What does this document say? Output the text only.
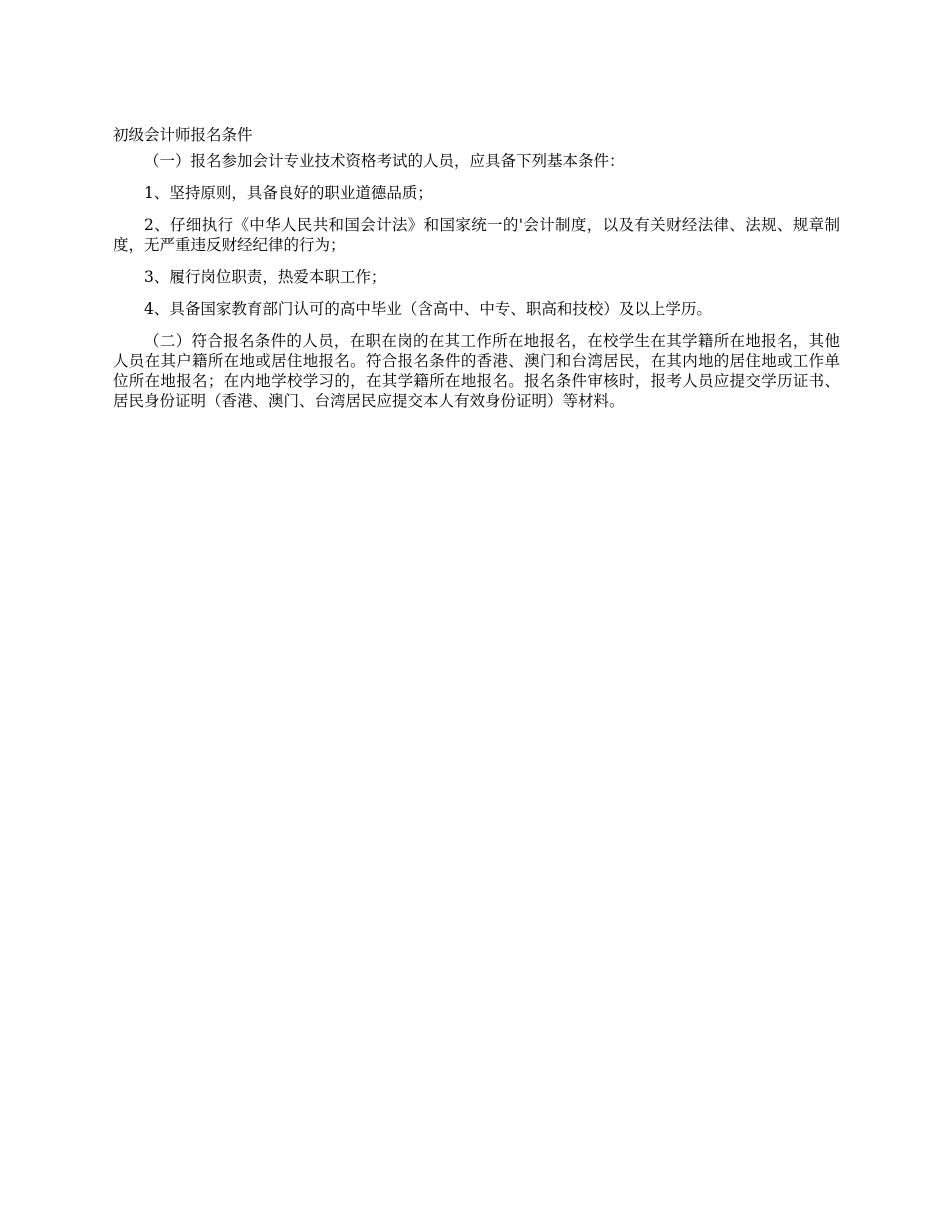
初级会计师报名条件

（一）报名参加会计专业技术资格考试的人员，应具备下列基本条件：

1、坚持原则，具备良好的职业道德品质；

2、仔细执行《中华人民共和国会计法》和国家统一的'会计制度，以及有关财经法律、法规、规章制度，无严重违反财经纪律的行为；

3、履行岗位职责，热爱本职工作；

4、具备国家教育部门认可的高中毕业（含高中、中专、职高和技校）及以上学历。

（二）符合报名条件的人员，在职在岗的在其工作所在地报名，在校学生在其学籍所在地报名，其他人员在其户籍所在地或居住地报名。符合报名条件的香港、澳门和台湾居民，在其内地的居住地或工作单位所在地报名；在内地学校学习的，在其学籍所在地报名。报名条件审核时，报考人员应提交学历证书、居民身份证明（香港、澳门、台湾居民应提交本人有效身份证明）等材料。
